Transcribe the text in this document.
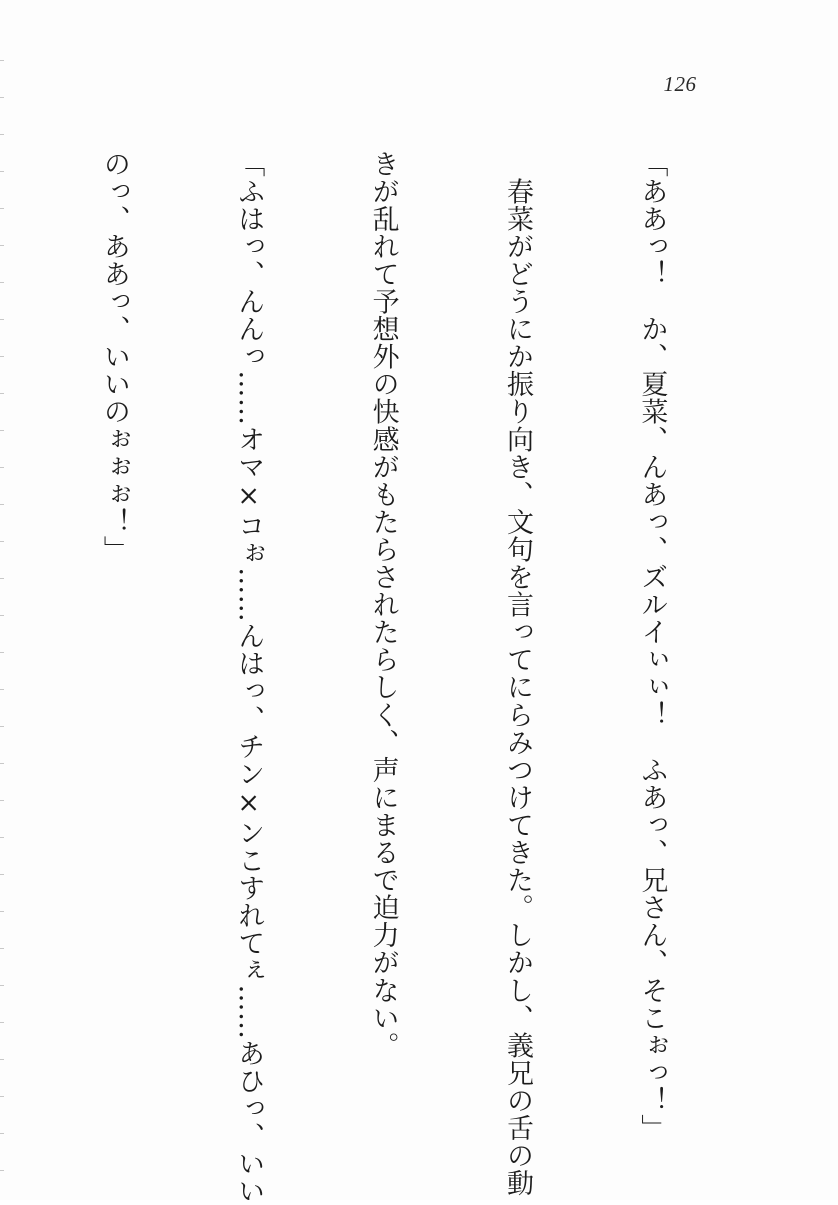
126

「ああっ！　か、夏菜、んあっ、ズルイぃぃ！　ふあっ、兄さん、そこぉっ！」

　春菜がどうにか振り向き、文句を言ってにらみつけてきた。しかし、義兄の舌の動

きが乱れて予想外の快感がもたらされたらしく、声にまるで迫力がない。

「ふはっ、んんっ……オマ×コぉ……んはっ、チン×ンこすれてぇ……あひっ、いい

のっ、ああっ、いいのぉぉぉ！」
